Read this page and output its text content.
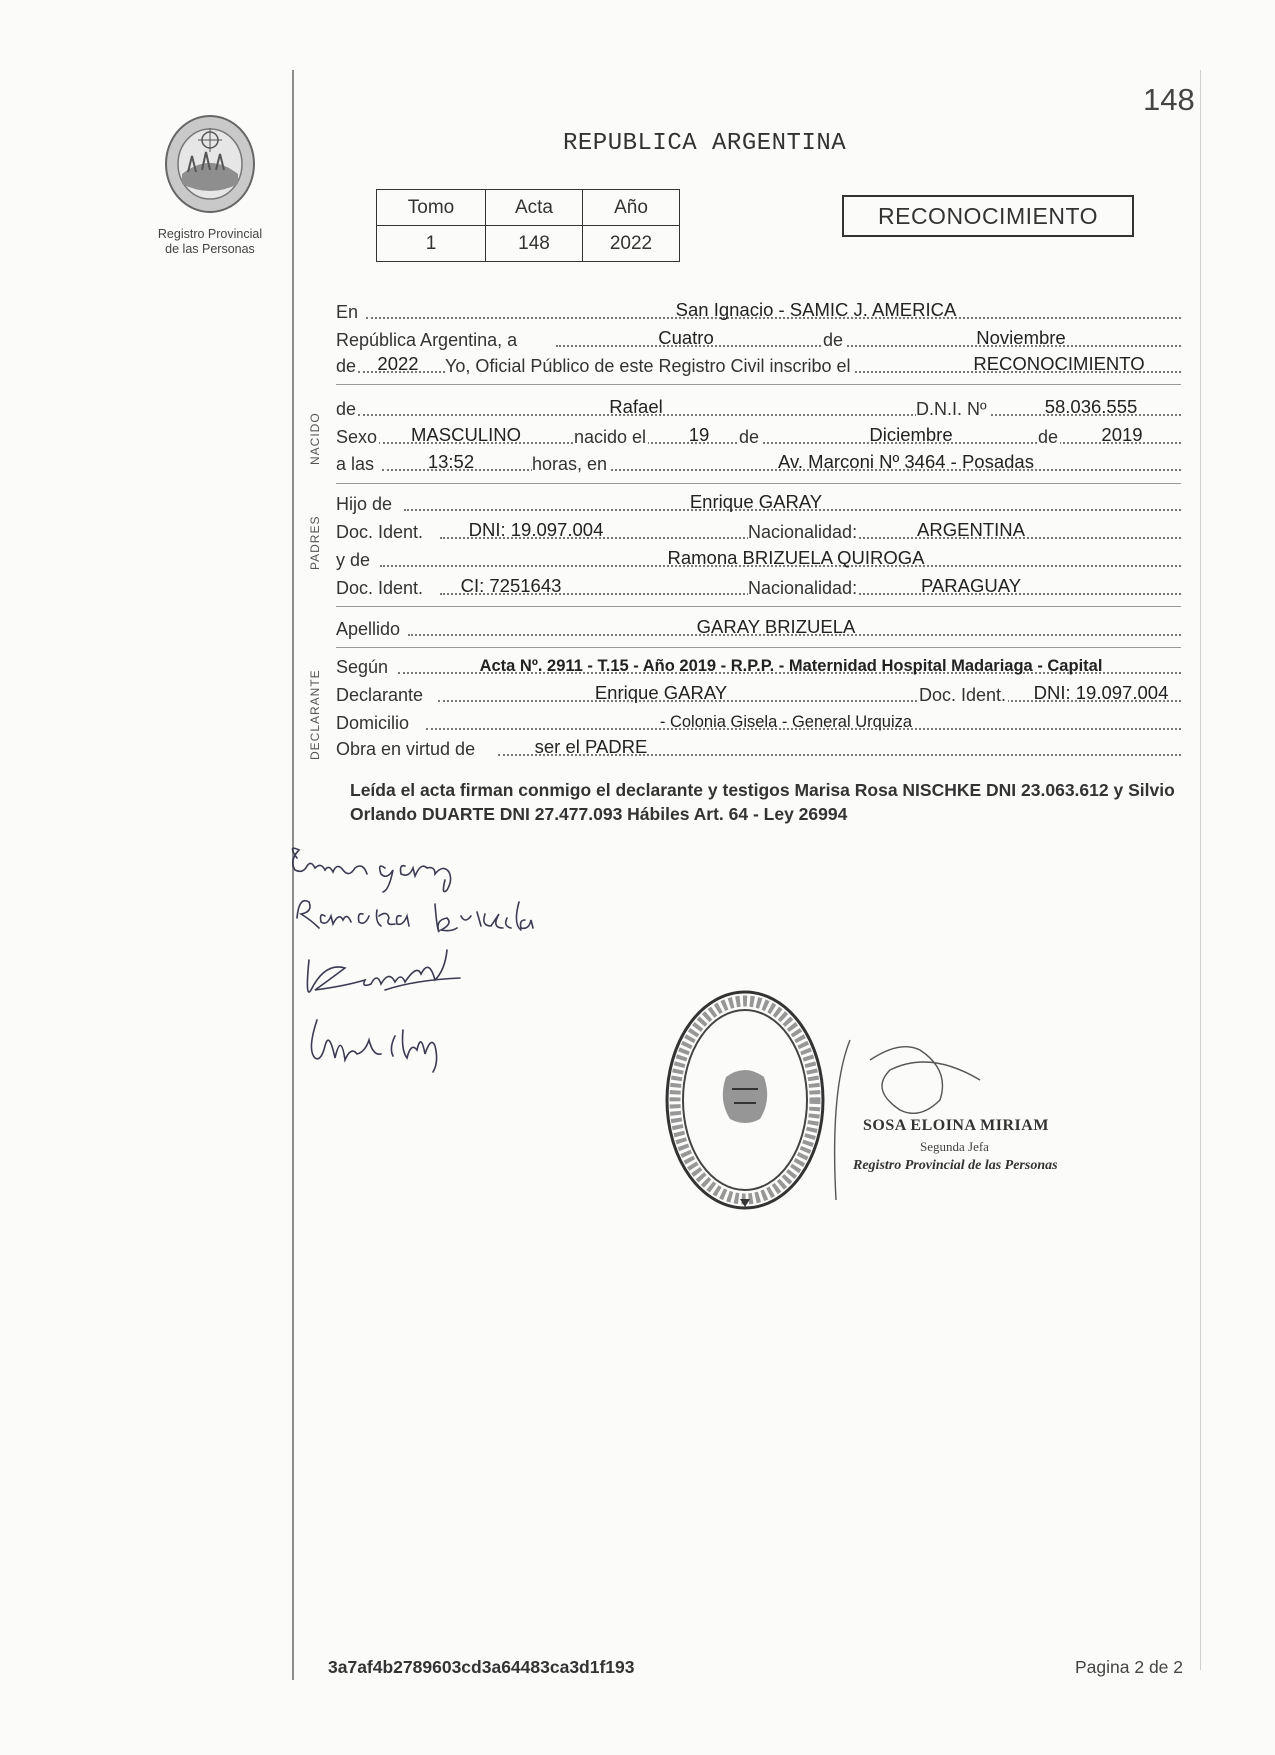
Registro Provincial
de las Personas
148
REPUBLICA ARGENTINA
Tomo	Acta	Año
1	148	2022
RECONOCIMIENTO
En	San Ignacio - SAMIC J. AMERICA
República Argentina, a	Cuatro	de	Noviembre
de	2022	Yo, Oficial Público de este Registro Civil inscribo el	RECONOCIMIENTO
de	Rafael	D.N.I. Nº	58.036.555
Sexo	MASCULINO	nacido el 19 de	Diciembre	de	2019
a las	13:52	horas, en	Av. Marconi Nº 3464 - Posadas
NACIDO
Hijo de	Enrique GARAY
Doc. Ident.	DNI: 19.097.004	Nacionalidad:	ARGENTINA
y de	Ramona BRIZUELA QUIROGA
Doc. Ident. CI: 7251643	Nacionalidad:	PARAGUAY
PADRES
Apellido	GARAY BRIZUELA
Según	Acta Nº. 2911 - T.15 - Año 2019 - R.P.P. - Maternidad Hospital Madariaga - Capital
Declarante	Enrique GARAY	Doc. Ident.	DNI: 19.097.004
Domicilio	- Colonia Gisela - General Urquiza
Obra en virtud de	ser el PADRE
DECLARANTE
Leída el acta firman conmigo el declarante y testigos Marisa Rosa NISCHKE DNI 23.063.612 y Silvio Orlando DUARTE DNI 27.477.093 Hábiles Art. 64 - Ley 26994
SOSA ELOINA MIRIAM
Segunda Jefa
Registro Provincial de las Personas
3a7af4b2789603cd3a64483ca3d1f193	Pagina 2 de 2
